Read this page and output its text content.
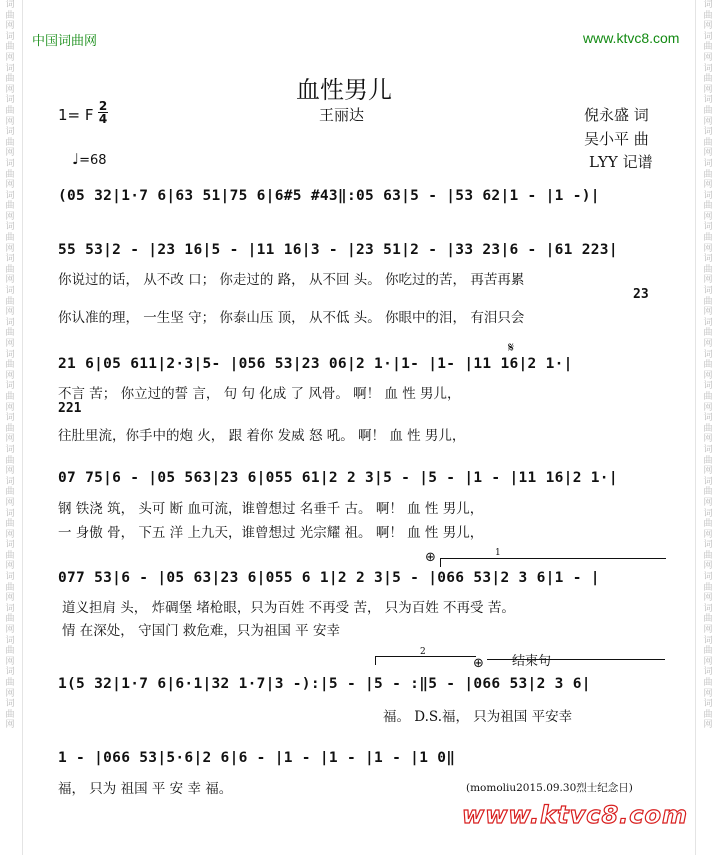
词曲网词曲网词曲网词曲网词曲网词曲网词曲网词曲网词曲网词曲网词曲网词曲网词曲网词曲网词曲网词曲网词曲网词曲网词曲网词曲网词曲网词曲网词曲网
词曲网词曲网词曲网词曲网词曲网词曲网词曲网词曲网词曲网词曲网词曲网词曲网词曲网词曲网词曲网词曲网词曲网词曲网词曲网词曲网词曲网词曲网词曲网
中国词曲网	www.ktvc8.com
血性男儿
1= F 2
4	王丽达	倪永盛 词
吴小平 曲
LYY 记谱
♩=68
(05 32|1·7 6|63 51|75 6|6#5 #43‖:05 63|5 - |53 62|1 - |1 -)|
55 53|2 - |23 16|5 - |11 16|3 - |23 51|2 - |33 23|6 - |61 223|
你说过的话， 从不改 口； 你走过的 路， 从不回 头。 你吃过的苦， 再苦再累
23
你认准的理， 一生坚 守； 你泰山压 顶， 从不低 头。 你眼中的泪， 有泪只会
𝄋
21 6|05 611|2·3|5- |056 53|23 06|2 1·|1- |1- |11 16|2 1·|
不言 苦； 你立过的誓 言， 句 句 化成 了 风骨。 啊！ 血 性 男儿，
221
往肚里流，你手中的炮 火， 跟 着你 发威 怒 吼。 啊！ 血 性 男儿，
07 75|6 - |05 563|23 6|055 61|2 2 3|5 - |5 - |1 - |11 16|2 1·|
钢 铁浇 筑， 头可 断 血可流，谁曾想过 名垂千 古。 啊！ 血 性 男儿，
一 身傲 骨， 下五 洋 上九天，谁曾想过 光宗耀 祖。 啊！ 血 性 男儿，
⊕	1
077 53|6 - |05 63|23 6|055 6 1|2 2 3|5 - |066 53|2 3 6|1 - |
道义担肩 头， 炸碉堡 堵枪眼，只为百姓 不再受 苦， 只为百姓 不再受 苦。
情 在深处， 守国门 救危难，只为祖国 平 安幸
2
⊕ 结束句
1(5 32|1·7 6|6·1|32 1·7|3 -):|5 - |5 - :‖5 - |066 53|2 3 6|
福。 D.S.福， 只为祖国 平安幸
1 - |066 53|5·6|2 6|6 - |1 - |1 - |1 - |1 0‖
福， 只为 祖国 平 安 幸 福。	(momoliu2015.09.30烈士纪念日)
www.ktvc8.com
